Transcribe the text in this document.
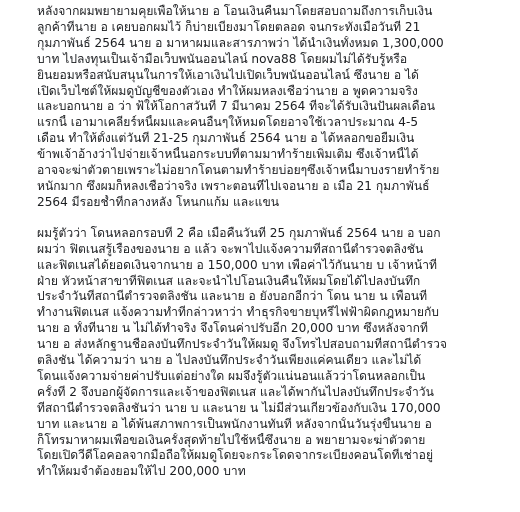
หลังจากผมพยายามคุยเพื่อให้นาย อ โอนเงินคืนมาโดยสอบถามถึงการเก็บเงิน
ลูกค้าที่นาย อ เคยบอกผมไว้ ก็บ่ายเบี่ยงมาโดยตลอด จนกระทั่งเมื่อวันที่ 21
กุมภาพันธ์ 2564 นาย อ มาหาผมและสารภาพว่า ได้นำเงินทั้งหมด 1,300,000
บาท ไปลงทุนเป็นเจ้ามือเว็บพนันออนไลน์ nova88 โดยผมไม่ได้รับรู้หรือ
ยินยอมหรือสนับสนุนในการให้เอาเงินไปเปิดเว็บพนันออนไลน์ ซึ่งนาย อ ได้
เปิดเว็บไซต์ให้ผมดูบัญชีของตัวเอง ทำให้ผมหลงเชื่อว่านาย อ พูดความจริง
และบอกนาย อ ว่า ฟ้ให้โอกาสวันที่ 7 มีนาคม 2564 ที่จะได้รับเงินปันผลเดือน
แรกนี้ เอามาเคลียร์หนี้ผมและคนอื่นๆให้หมดโดยอาจใช้เวลาประมาณ 4-5
เดือน ทำให้ตั้งแต่วันที่ 21-25 กุมภาพันธ์ 2564 นาย อ ได้หลอกขอยืมเงิน
ข้าพเจ้าอ้างว่าไปจ่ายเจ้าหนี้นอกระบบที่ตามมาทำร้ายเพิ่มเติม ซึ่งเจ้าหนี้ได้
อาจจะฆ่าตัวตายเพราะไม่อยากโดนตามทำร้ายบ่อยๆซึ่งเจ้าหนี้มาบงรายทำร้าย
หนักมาก ซึ่งผมก็หลงเชื่อว่าจริง เพราะตอนที่ไปเจอนาย อ เมื่อ 21 กุมภาพันธ์
2564 มีรอยช้ำที่กลางหลัง โหนกแก้ม และแขน
ผมรู้ตัวว่า โดนหลอกรอบที่ 2 คือ เมื่อคืนวันที่ 25 กุมภาพันธ์ 2564 นาย อ บอก
ผมว่า ฟิตเนสรู้เรื่องของนาย อ แล้ว จะพาไปแจ้งความที่สถานีตำรวจตลิ่งชัน
และฟิตเนสได้ยอดเงินจากนาย อ 150,000 บาท เพื่อค่าไว้กันนาย บ เจ้าหน้าที่
ฝ่าย หัวหน้าสาขาที่ฟิตเนส และจะนำไปโอนเงินคืนให้ผมโดยได้ไปลงบันทึก
ประจำวันที่สถานีตำรวจตลิ่งชัน และนาย อ ยังบอกอีกว่า โดน นาย น เพื่อนที่
ทำงานฟิตเนส แจ้งความทำที่กล่าวหาว่า ทำธุรกิจขายบุหรี่ไฟฟ้าผิดกฎหมายกับ
นาย อ ทั้งที่นาย น ไม่ได้ทำจริง จึงโดนค่าปรับอีก 20,000 บาท ซึ่งหลังจากที่
นาย อ ส่งหลักฐานชื่อลงบันทึกประจำวันให้ผมดู จึงโทรไปสอบถามที่สถานีตำรวจ
ตลิ่งชัน ได้ความว่า นาย อ ไปลงบันทึกประจำวันเพียงแค่คนเดียว และไม่ได้
โดนแจ้งความจ่ายค่าปรับแต่อย่างใด ผมจึงรู้ตัวแน่นอนแล้วว่าโดนหลอกเป็น
ครั้งที่ 2 จึงบอกผู้จัดการและเจ้าของฟิตเนส และได้พากันไปลงบันทึกประจำวัน
ที่สถานีตำรวจตลิ่งชันว่า นาย บ และนาย น ไม่มีส่วนเกี่ยวข้องกับเงิน 170,000
บาท และนาย อ ได้พ้นสภาพการเป็นพนักงานทันที หลังจากนั้นวันรุ่งขึ้นนาย อ
ก็โทรมาหาผมเพื่อขอเงินครั้งสุดท้ายไปใช้หนี้ซึ่งนาย อ พยายามจะฆ่าตัวตาย
โดยเปิดวีดีโอคอลจากมือถือให้ผมดูโดยจะกระโดดจากระเบียงคอนโดที่เช่าอยู่
ทำให้ผมจำต้องยอมให้ไป 200,000 บาท
